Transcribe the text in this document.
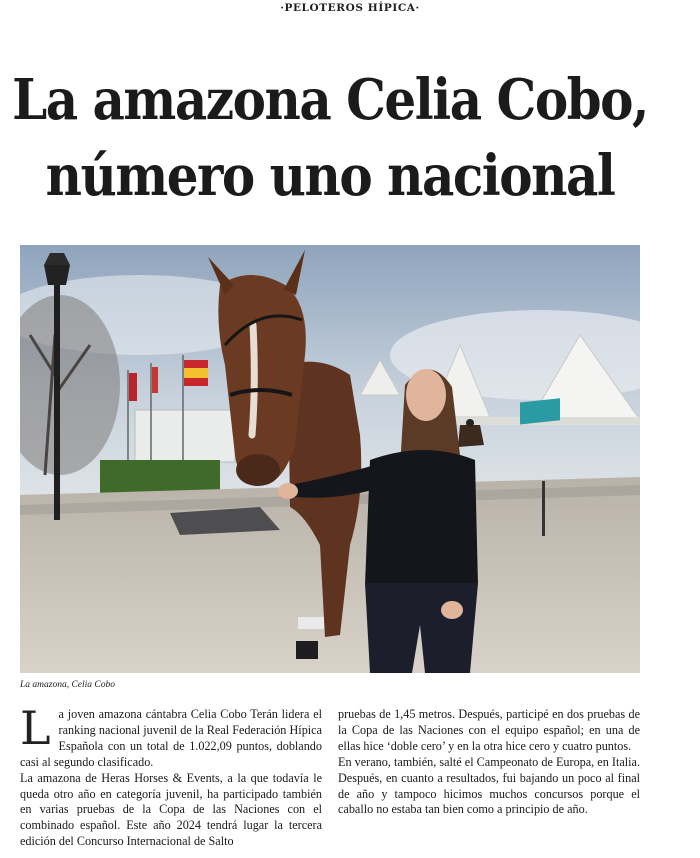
·PELOTEROS HÍPICA·
La amazona Celia Cobo,
número uno nacional
La amazona, Celia Cobo
L a joven amazona cántabra Celia Cobo Terán lidera el ranking nacional juvenil de la Real Federación Hípica Española con un total de 1.022,09 puntos, doblando casi al segundo clasificado.

La amazona de Heras Horses & Events, a la que todavía le queda otro año en categoría juvenil, ha participado también en varias pruebas de la Copa de las Naciones con el combinado español. Este año 2024 tendrá lugar la tercera edición del Concurso Internacional de Salto

pruebas de 1,45 metros. Después, participé en dos pruebas de la Copa de las Naciones con el equipo español; en una de ellas hice ‘doble cero’ y en la otra hice cero y cuatro puntos.

En verano, también, salté el Campeonato de Europa, en Italia. Después, en cuanto a resultados, fui bajando un poco al final de año y tampoco hicimos muchos concursos porque el caballo no estaba tan bien como a principio de año.
